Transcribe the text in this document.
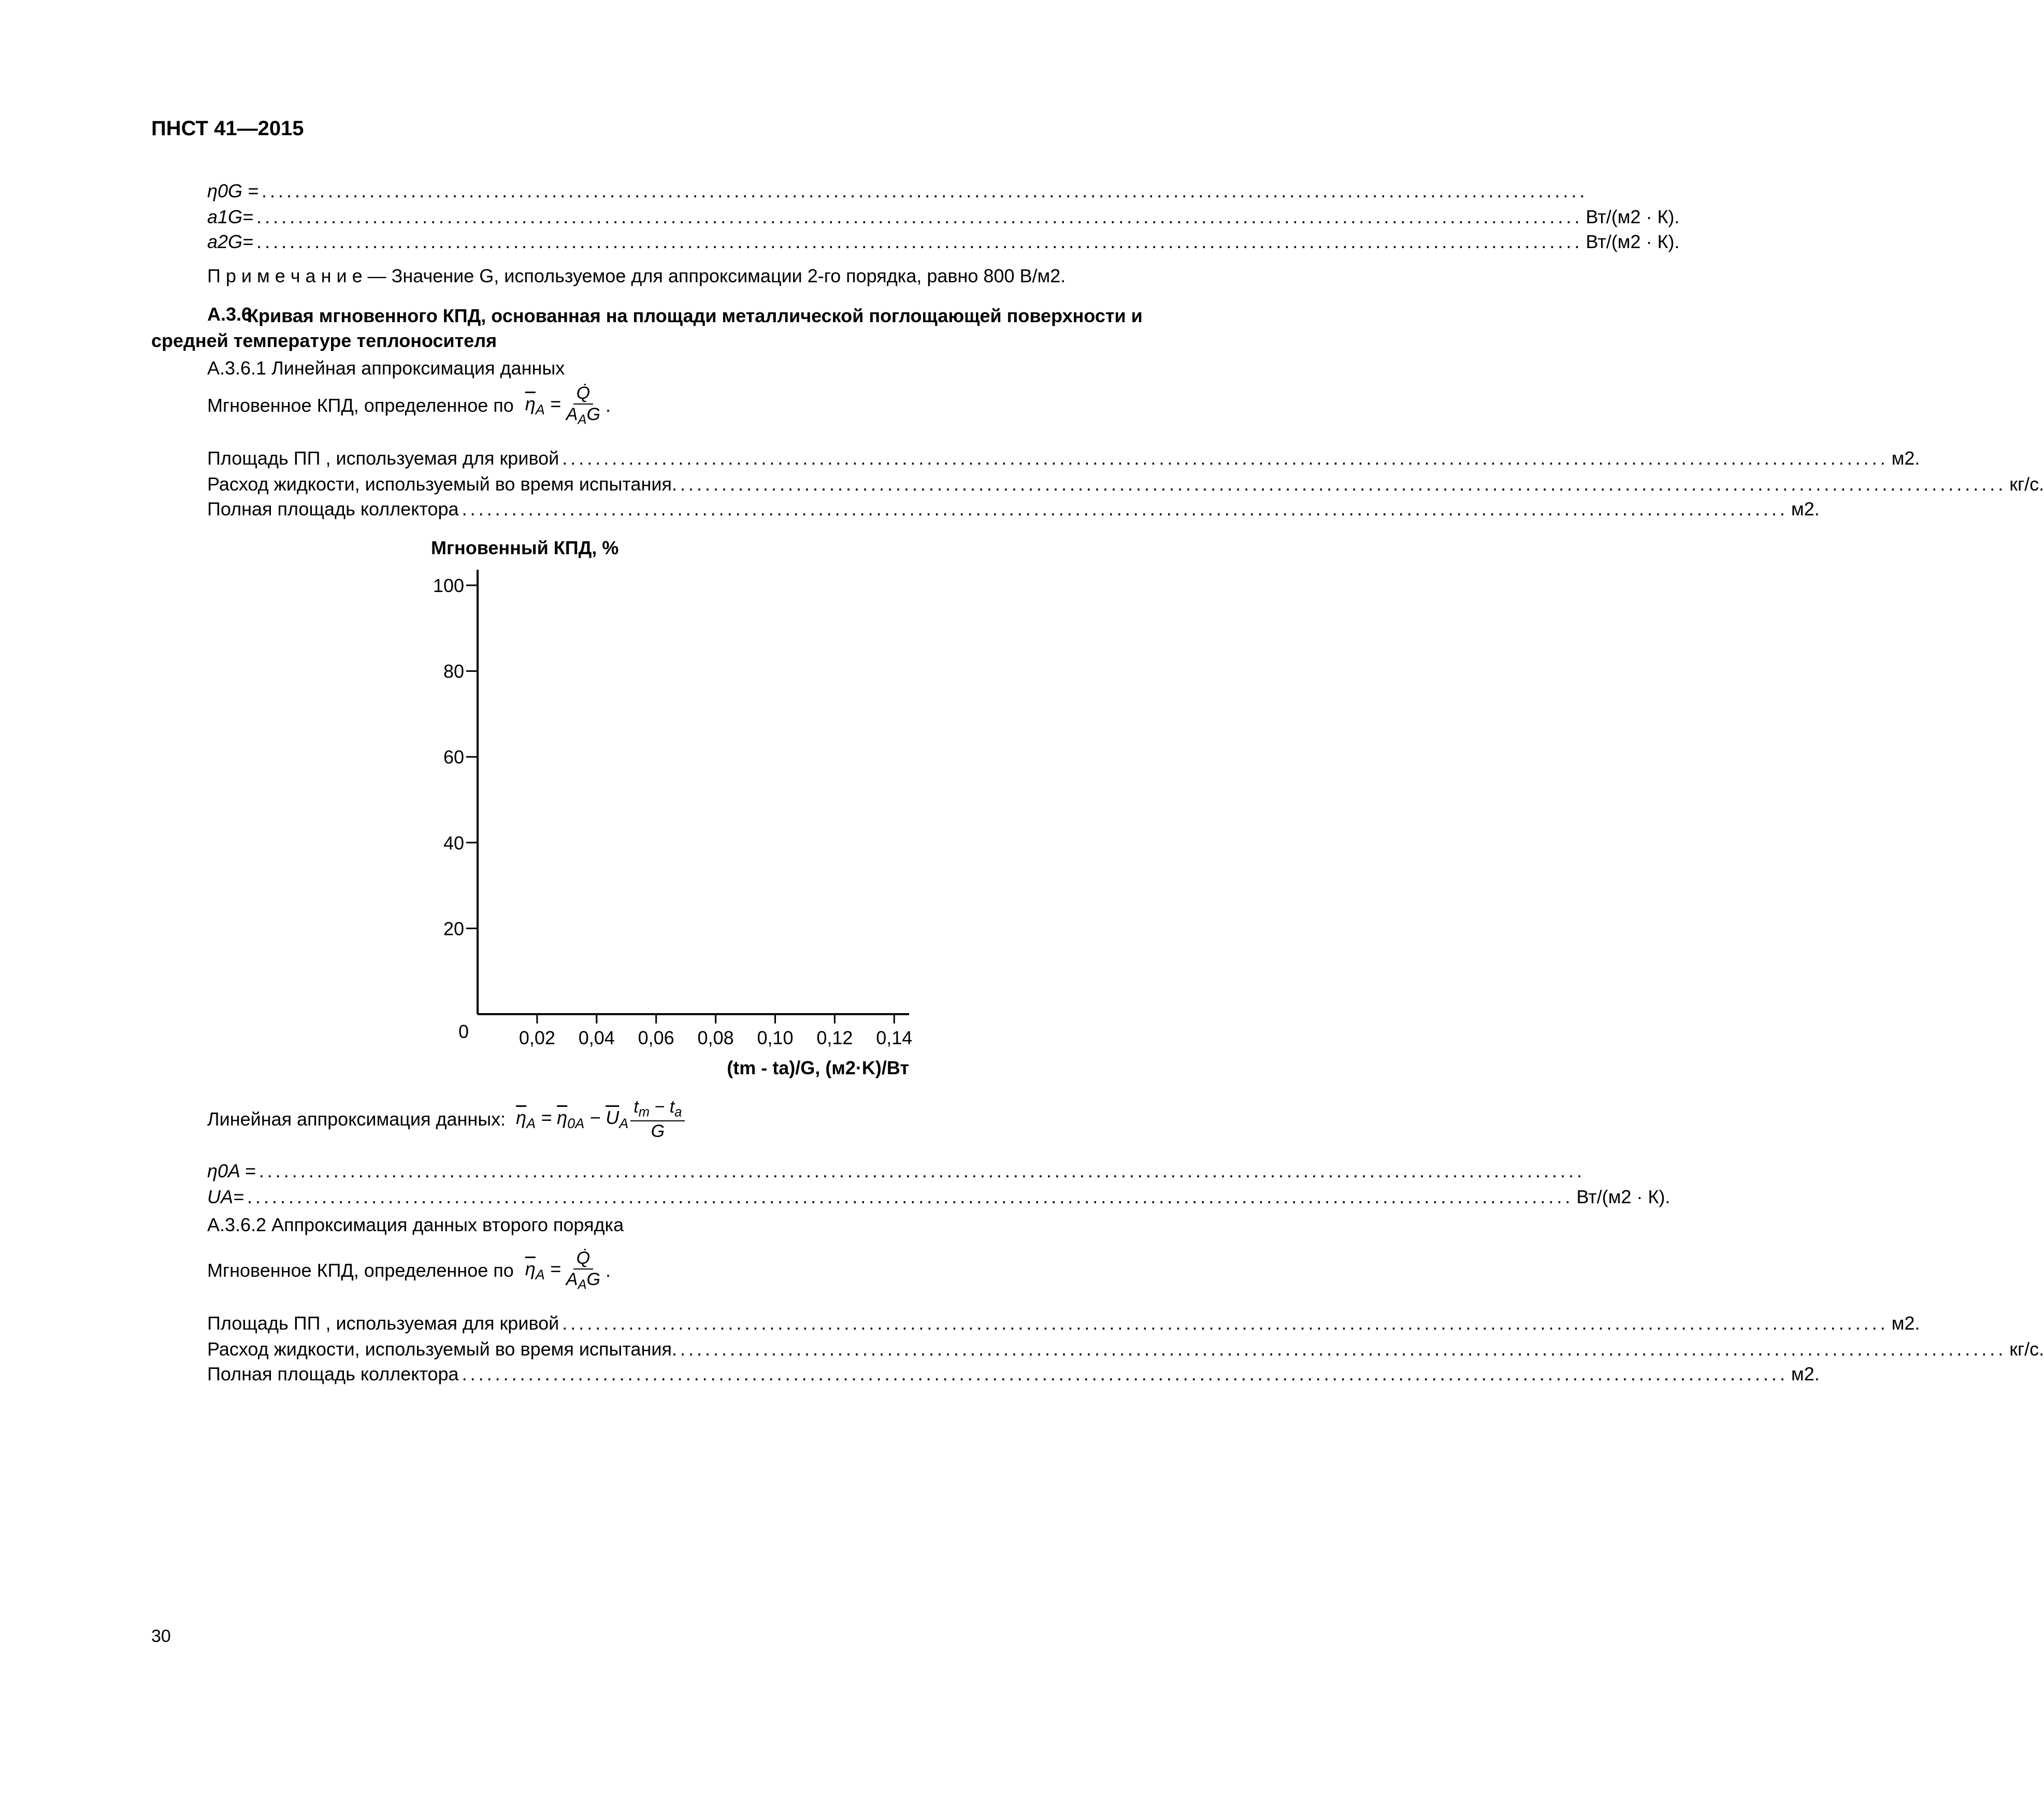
ПНСТ 41—2015
η0G = ................................................................................................................................................................
a1G= ................................................................................................................................................................ Вт/(м2 · К).
a2G= ................................................................................................................................................................ Вт/(м2 · К).
П р и м е ч а н и е — Значение G, используемое для аппроксимации 2-го порядка, равно 800 В/м2.
А.3.6
Кривая мгновенного КПД, основанная на площади металлической поглощающей поверхности и средней температуре теплоносителя
А.3.6.1 Линейная аппроксимация данных
Мгновенное КПД, определенное по $\overline{\eta}_A = \frac{Q̇}{A_AG}$ .
Площадь ПП , используемая для кривой ................................................................................................................................................................ м2.
Расход жидкости, используемый во время испытания. ................................................................................................................................................................ кг/с.
Полная площадь коллектора ................................................................................................................................................................ м2.
0
20
40
60
80
100
0,02 0,04 0,06 0,08 0,10 0,12 0,14
Мгновенный КПД, %
(tm - ta)/G, (м2·K)/Вт
Линейная аппроксимация данных: $\overline{\eta}_A = \overline{\eta}_{0A} - \overline{U}_A \frac{t_m - t_a}{G}$
η0A = ................................................................................................................................................................
UA= ................................................................................................................................................................ Вт/(м2 · К).
А.3.6.2 Аппроксимация данных второго порядка
Мгновенное КПД, определенное по $\overline{\eta}_A = \frac{Q̇}{A_AG}$ .
Площадь ПП , используемая для кривой ................................................................................................................................................................ м2.
Расход жидкости, используемый во время испытания. ................................................................................................................................................................ кг/с.
Полная площадь коллектора ................................................................................................................................................................ м2.
30
